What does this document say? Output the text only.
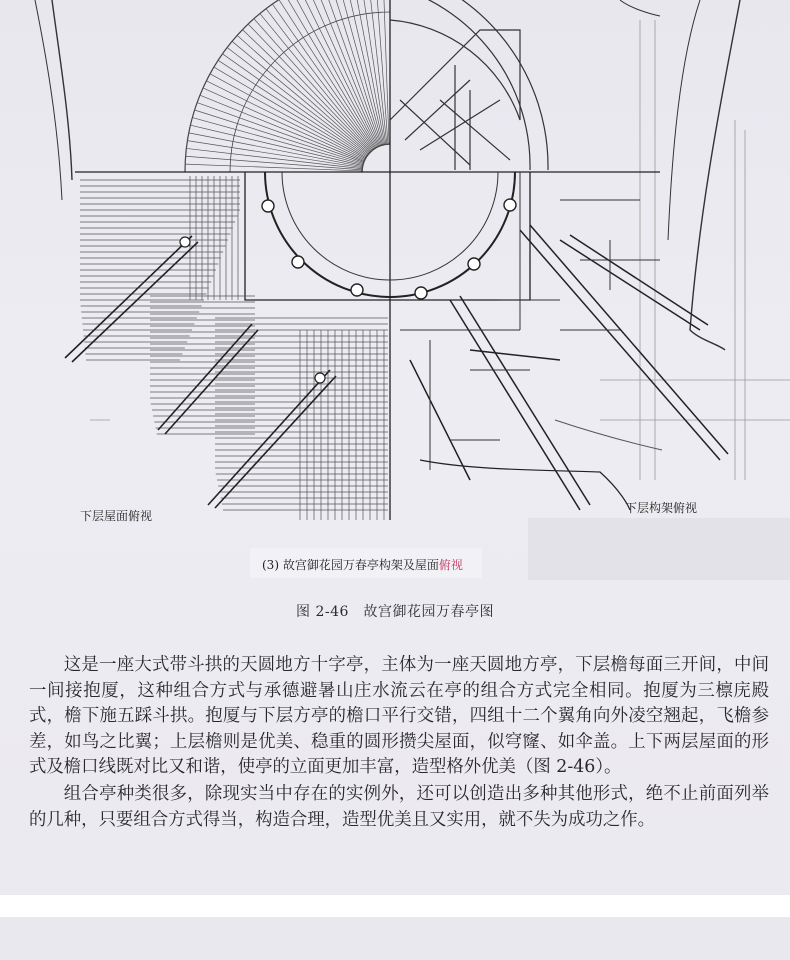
下层屋面俯视
下层构架俯视
(3) 故宫御花园万春亭构架及屋面俯视
图 2-46　故宫御花园万春亭图

这是一座大式带斗拱的天圆地方十字亭，主体为一座天圆地方亭，下层檐每面三开间，中间一间接抱厦，这种组合方式与承德避暑山庄水流云在亭的组合方式完全相同。抱厦为三檩庑殿式，檐下施五踩斗拱。抱厦与下层方亭的檐口平行交错，四组十二个翼角向外凌空翘起，飞檐参差，如鸟之比翼；上层檐则是优美、稳重的圆形攒尖屋面，似穹窿、如伞盖。上下两层屋面的形式及檐口线既对比又和谐，使亭的立面更加丰富，造型格外优美（图 2-46）。

组合亭种类很多，除现实当中存在的实例外，还可以创造出多种其他形式，绝不止前面列举的几种，只要组合方式得当，构造合理，造型优美且又实用，就不失为成功之作。
